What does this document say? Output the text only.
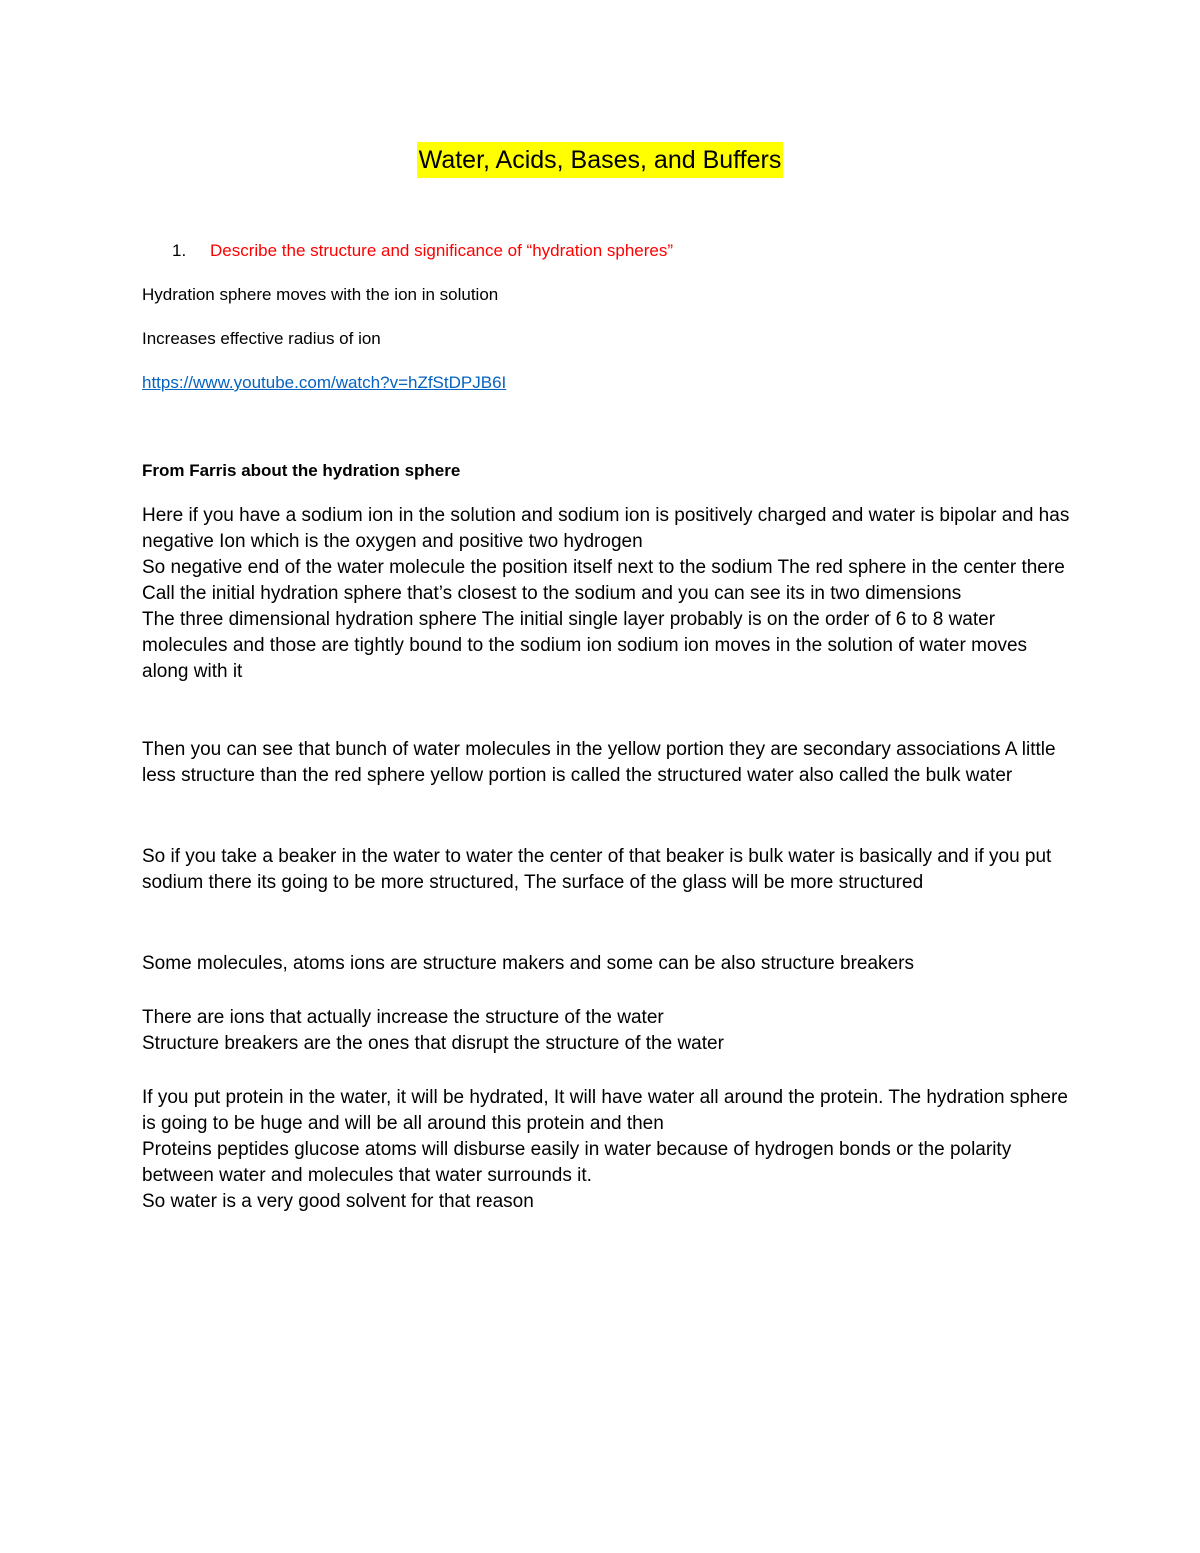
Water, Acids, Bases, and Buffers
1. Describe the structure and significance of “hydration spheres”
Hydration sphere moves with the ion in solution
Increases effective radius of ion
https://www.youtube.com/watch?v=hZfStDPJB6I
From Farris about the hydration sphere

Here if you have a sodium ion in the solution and sodium ion is positively charged and water is bipolar and has negative Ion which is the oxygen and positive two hydrogen

So negative end of the water molecule the position itself next to the sodium The red sphere in the center there Call the initial hydration sphere that’s closest to the sodium and you can see its in two dimensions

The three dimensional hydration sphere The initial single layer probably is on the order of 6 to 8 water molecules and those are tightly bound to the sodium ion sodium ion moves in the solution of water moves along with it

Then you can see that bunch of water molecules in the yellow portion they are secondary associations A little less structure than the red sphere yellow portion is called the structured water also called the bulk water

So if you take a beaker in the water to water the center of that beaker is bulk water is basically and if you put sodium there its going to be more structured, The surface of the glass will be more structured

Some molecules, atoms ions are structure makers and some can be also structure breakers

There are ions that actually increase the structure of the water

Structure breakers are the ones that disrupt the structure of the water

If you put protein in the water, it will be hydrated, It will have water all around the protein. The hydration sphere is going to be huge and will be all around this protein and then

Proteins peptides glucose atoms will disburse easily in water because of hydrogen bonds or the polarity between water and molecules that water surrounds it.

So water is a very good solvent for that reason
